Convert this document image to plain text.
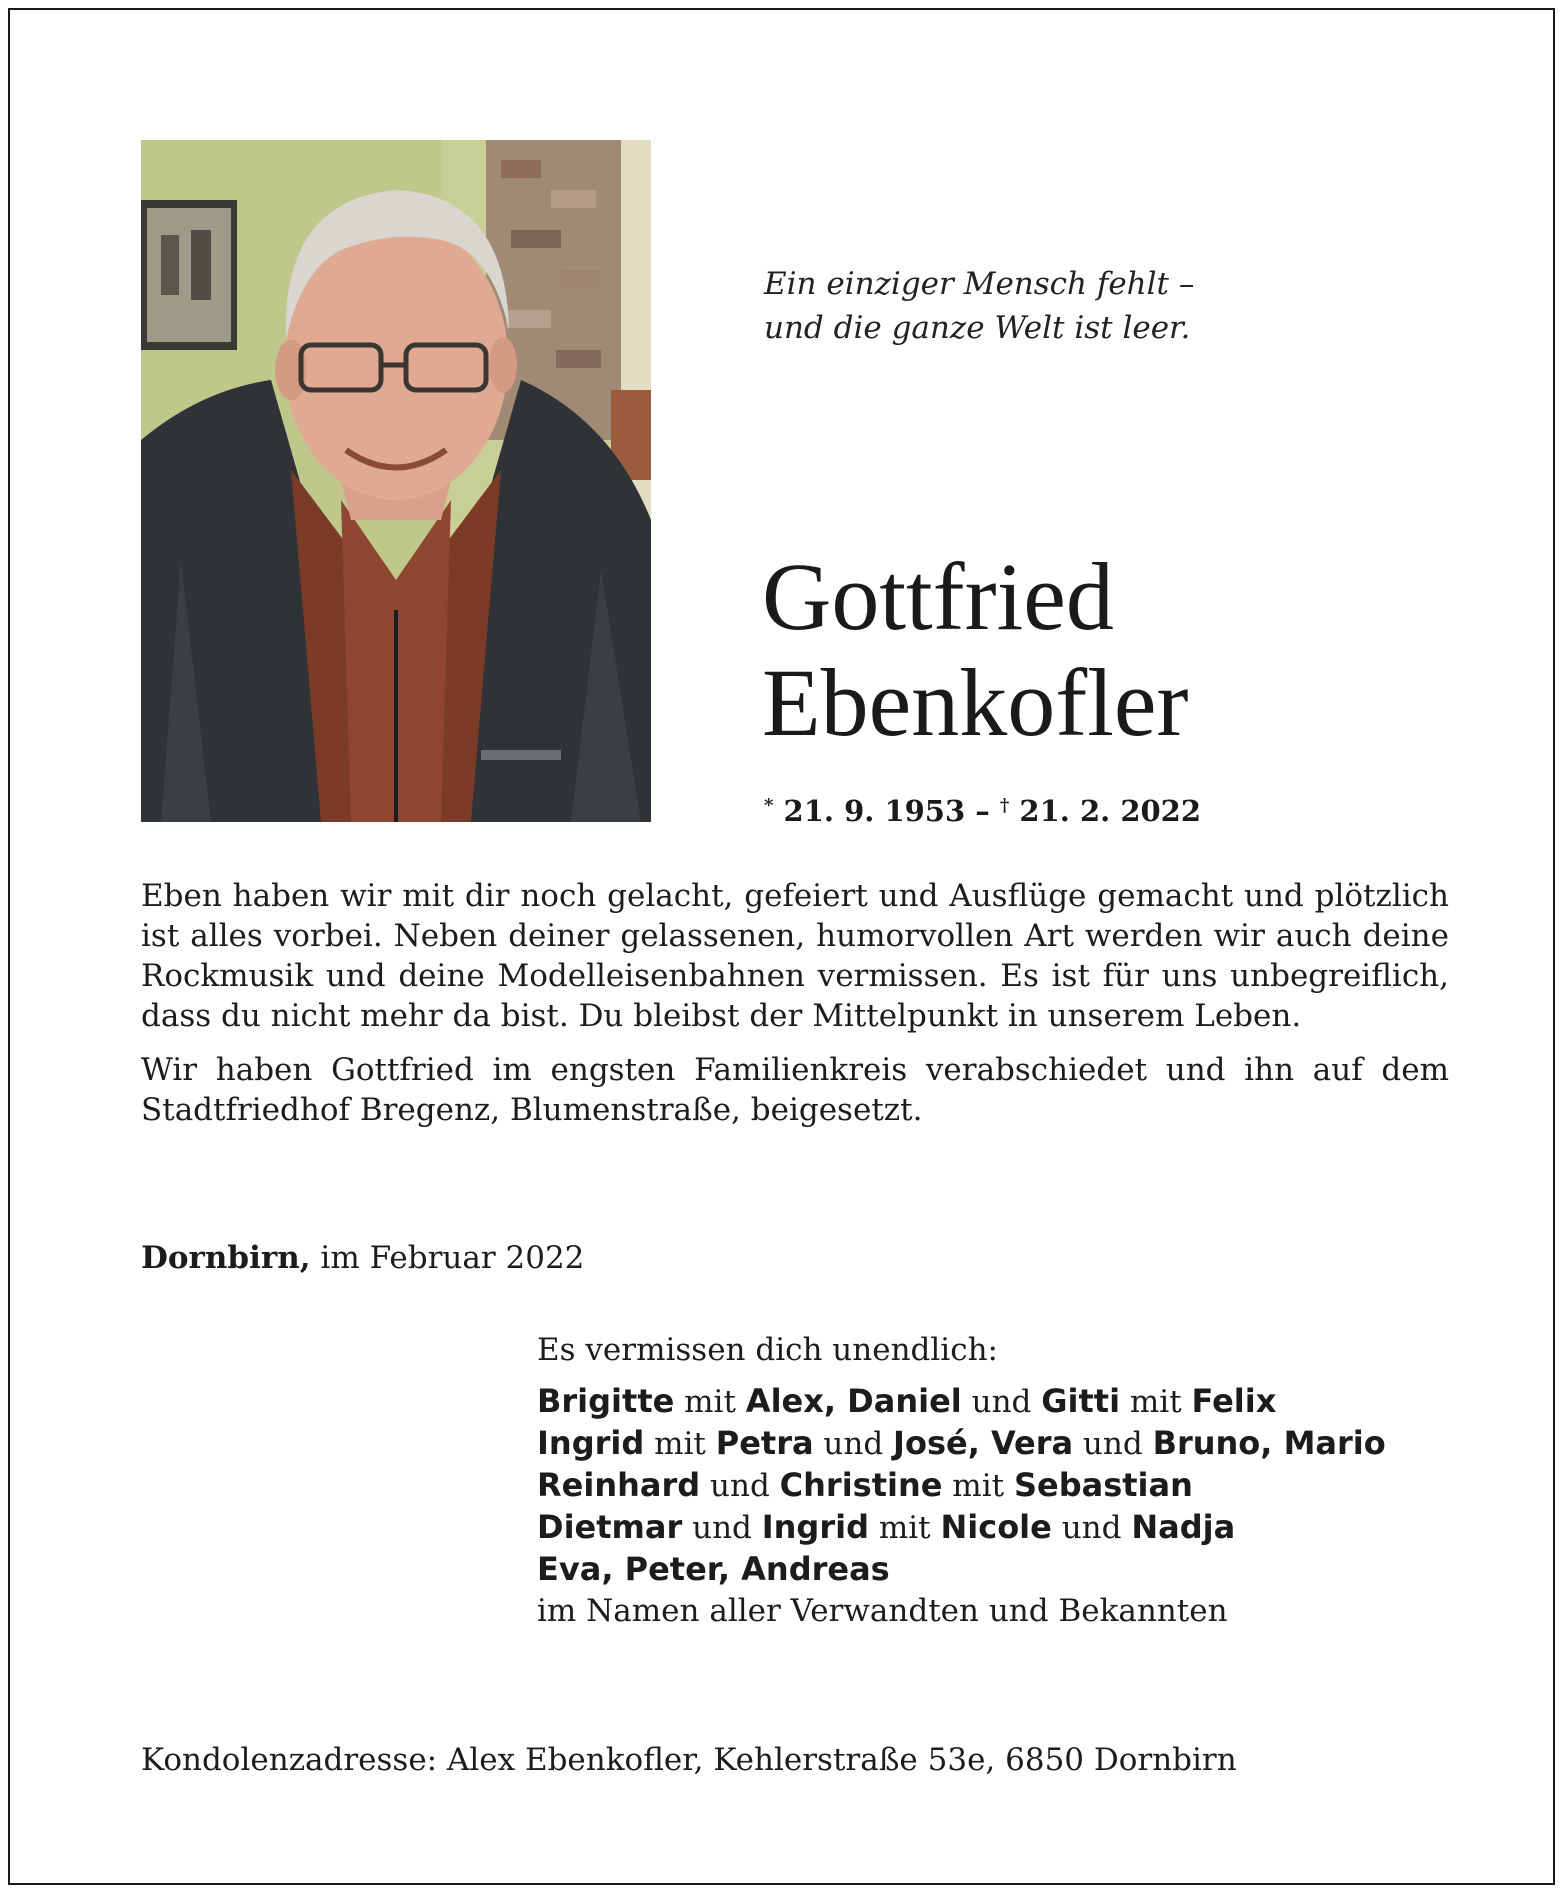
Ein einziger Mensch fehlt –
und die ganze Welt ist leer.
Gottfried
Ebenkofler
* 21. 9. 1953 – † 21. 2. 2022

Eben haben wir mit dir noch gelacht, gefeiert und Ausflüge gemacht und plötzlich ist alles vorbei. Neben deiner gelassenen, humorvollen Art werden wir auch deine Rockmusik und deine Modelleisenbahnen vermissen. Es ist für uns unbegreiflich, dass du nicht mehr da bist. Du bleibst der Mittelpunkt in unserem Leben.

Wir haben Gottfried im engsten Familienkreis verabschiedet und ihn auf dem Stadtfriedhof Bregenz, Blumenstraße, beigesetzt.

Dornbirn, im Februar 2022
Es vermissen dich unendlich:
Brigitte mit Alex, Daniel und Gitti mit Felix
Ingrid mit Petra und José, Vera und Bruno, Mario
Reinhard und Christine mit Sebastian
Dietmar und Ingrid mit Nicole und Nadja
Eva, Peter, Andreas
im Namen aller Verwandten und Bekannten
Kondolenzadresse: Alex Ebenkofler, Kehlerstraße 53e, 6850 Dornbirn
